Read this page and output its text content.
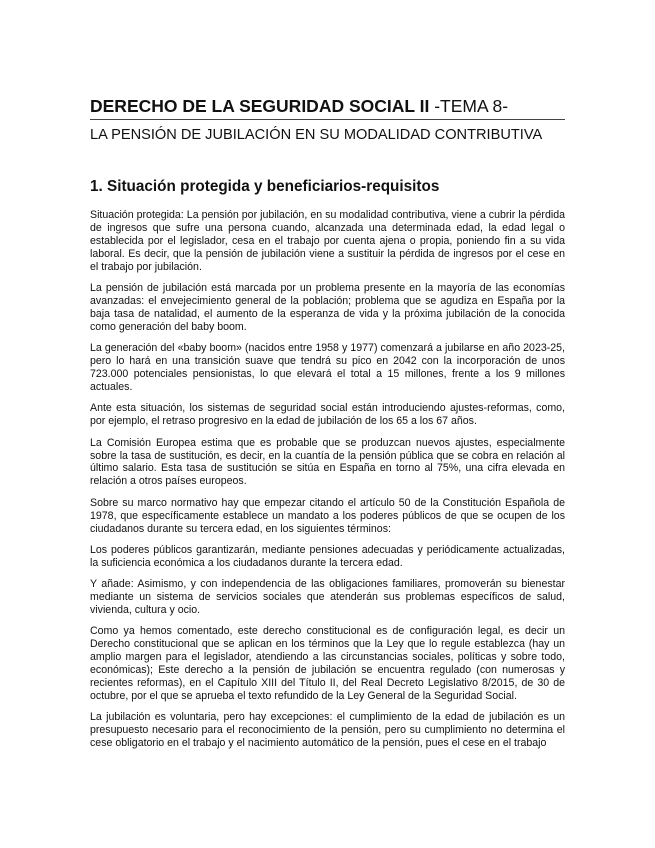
DERECHO DE LA SEGURIDAD SOCIAL II -TEMA 8-
LA PENSIÓN DE JUBILACIÓN EN SU MODALIDAD CONTRIBUTIVA
1. Situación protegida y beneficiarios-requisitos

Situación protegida: La pensión por jubilación, en su modalidad contributiva, viene a cubrir la pérdida de ingresos que sufre una persona cuando, alcanzada una determinada edad, la edad legal o establecida por el legislador, cesa en el trabajo por cuenta ajena o propia, poniendo fin a su vida laboral. Es decir, que la pensión de jubilación viene a sustituir la pérdida de ingresos por el cese en el trabajo por jubilación.

La pensión de jubilación está marcada por un problema presente en la mayoría de las economías avanzadas: el envejecimiento general de la población; problema que se agudiza en España por la baja tasa de natalidad, el aumento de la esperanza de vida y la próxima jubilación de la conocida como generación del baby boom.

La generación del «baby boom» (nacidos entre 1958 y 1977) comenzará a jubilarse en año 2023-25, pero lo hará en una transición suave que tendrá su pico en 2042 con la incorporación de unos 723.000 potenciales pensionistas, lo que elevará el total a 15 millones, frente a los 9 millones actuales.

Ante esta situación, los sistemas de seguridad social están introduciendo ajustes-reformas, como, por ejemplo, el retraso progresivo en la edad de jubilación de los 65 a los 67 años.

La Comisión Europea estima que es probable que se produzcan nuevos ajustes, especialmente sobre la tasa de sustitución, es decir, en la cuantía de la pensión pública que se cobra en relación al último salario. Esta tasa de sustitución se sitúa en España en torno al 75%, una cifra elevada en relación a otros países europeos.

Sobre su marco normativo hay que empezar citando el artículo 50 de la Constitución Española de 1978, que específicamente establece un mandato a los poderes públicos de que se ocupen de los ciudadanos durante su tercera edad, en los siguientes términos:

Los poderes públicos garantizarán, mediante pensiones adecuadas y periódicamente actualizadas, la suficiencia económica a los ciudadanos durante la tercera edad.

Y añade: Asimismo, y con independencia de las obligaciones familiares, promoverán su bienestar mediante un sistema de servicios sociales que atenderán sus problemas específicos de salud, vivienda, cultura y ocio.

Como ya hemos comentado, este derecho constitucional es de configuración legal, es decir un Derecho constitucional que se aplican en los términos que la Ley que lo regule establezca (hay un amplio margen para el legislador, atendiendo a las circunstancias sociales, políticas y sobre todo, económicas); Este derecho a la pensión de jubilación se encuentra regulado (con numerosas y recientes reformas), en el Capítulo XIII del Título II, del Real Decreto Legislativo 8/2015, de 30 de octubre, por el que se aprueba el texto refundido de la Ley General de la Seguridad Social.

La jubilación es voluntaria, pero hay excepciones: el cumplimiento de la edad de jubilación es un presupuesto necesario para el reconocimiento de la pensión, pero su cumplimiento no determina el cese obligatorio en el trabajo y el nacimiento automático de la pensión, pues el cese en el trabajo
